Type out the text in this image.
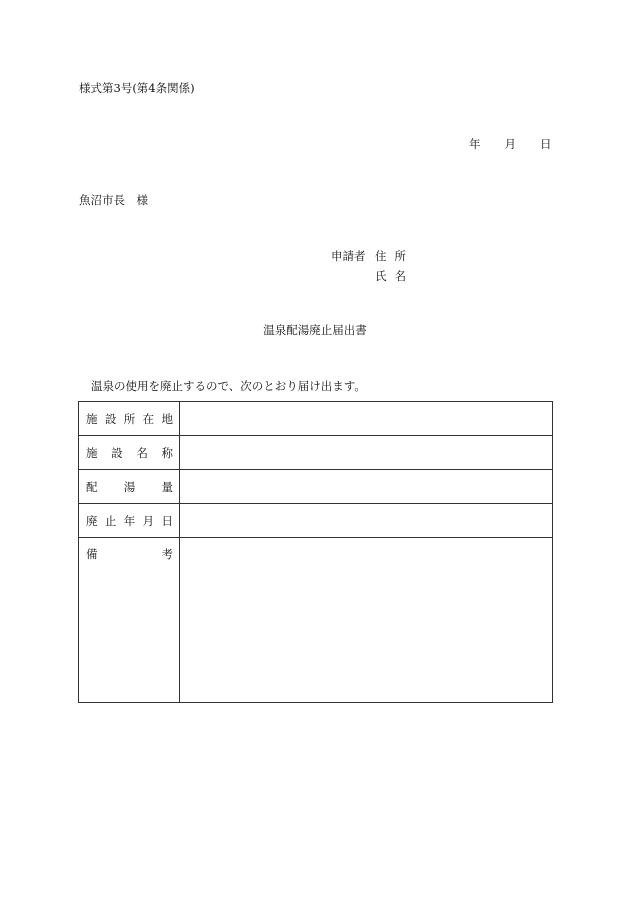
様式第3号(第4条関係)
年 月 日
魚沼市長　様
申請者 住所
氏名
温泉配湯廃止届出書
温泉の使用を廃止するので、次のとおり届け出ます。
施 設 所 在 地	

施 設 名 称	

配 湯 量	

廃 止 年 月 日	

備 考	
